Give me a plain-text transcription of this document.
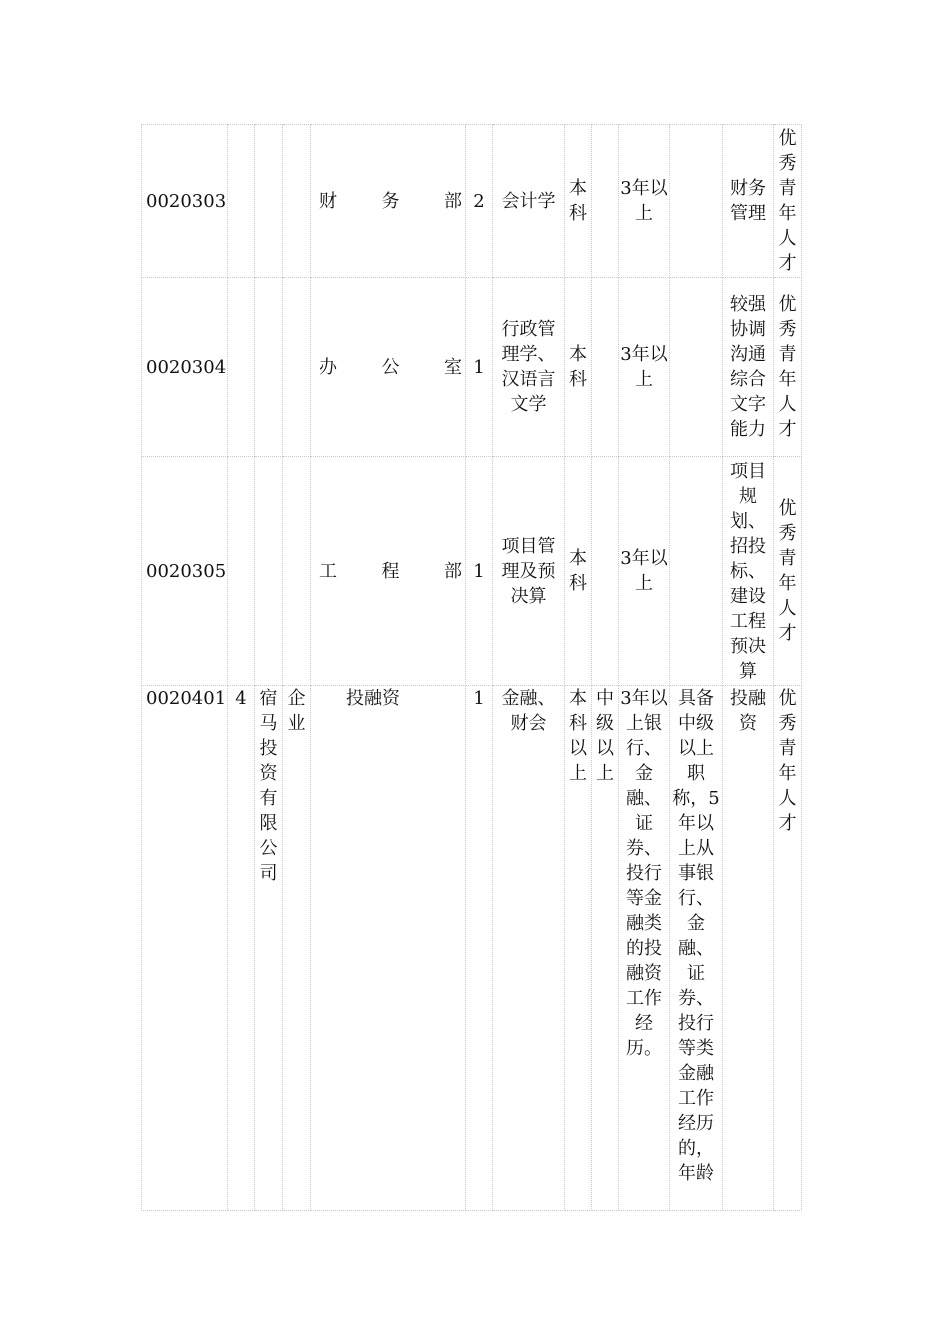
0020303				财 务 部	2	会计学	本科		3年以上		财务管理	优秀青年人才
0020304				办 公 室	1	行政管理学、汉语言文学	本科		3年以上		较强协调沟通综合文字能力	优秀青年人才
0020305				工 程 部	1	项目管理及预决算	本科		3年以上		项目规划、招投标、建设工程预决算	优秀青年人才
0020401	4	宿马投资有限公司	企业	投融资	1	金融、财会	本科以上	中级以上	3年以上银行、金融、证券、投行等金融类的投融资工作经历。	具备中级以上职称，5年以上从事银行、金融、证券、投行等类金融工作经历的，年龄	投融资	优秀青年人才
